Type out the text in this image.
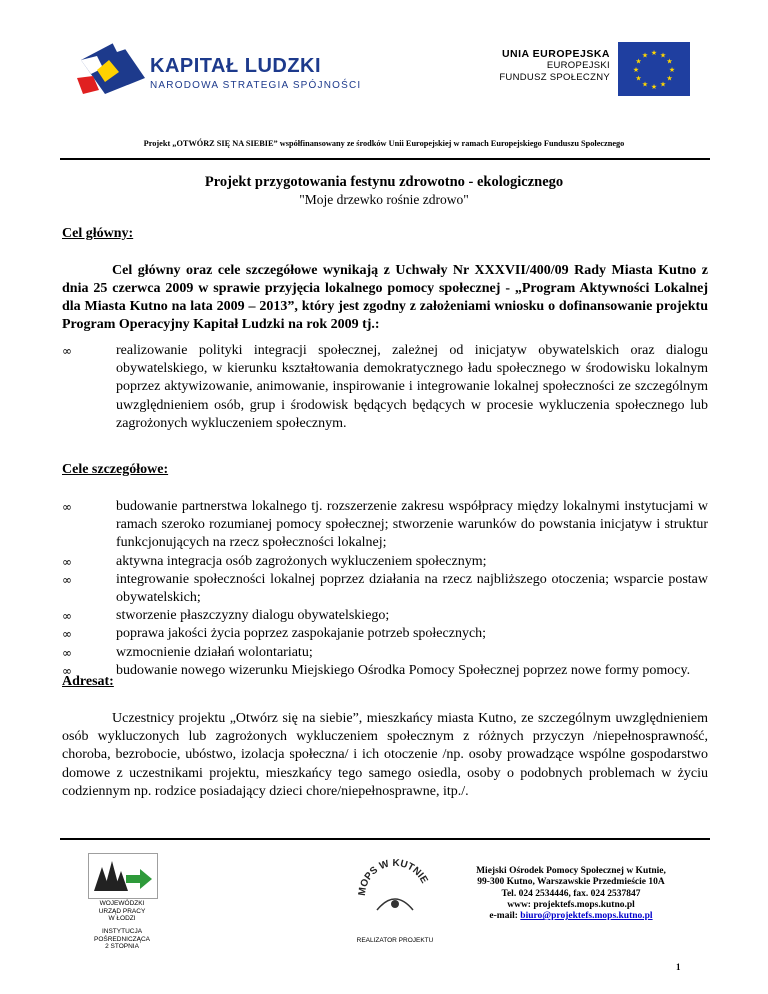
KAPITAŁ LUDZKI
NARODOWA STRATEGIA SPÓJNOŚCI
UNIA EUROPEJSKA
EUROPEJSKI
FUNDUSZ SPOŁECZNY
★ ★
★
★
★
★
★
★
★
★
★
★
Projekt „OTWÓRZ SIĘ NA SIEBIE” współfinansowany ze środków Unii Europejskiej w ramach Europejskiego Funduszu Społecznego
Projekt przygotowania festynu zdrowotno - ekologicznego
"Moje drzewko rośnie zdrowo"
Cel główny:
Cel główny oraz cele szczegółowe wynikają z Uchwały Nr XXXVII/400/09 Rady Miasta Kutno z dnia 25 czerwca 2009 w sprawie przyjęcia lokalnego pomocy społecznej - „Program Aktywności Lokalnej dla Miasta Kutno na lata 2009 – 2013”, który jest zgodny z założeniami wniosku o dofinansowanie projektu Program Operacyjny Kapitał Ludzki na rok 2009 tj.:
∞	realizowanie polityki integracji społecznej, zależnej od inicjatyw obywatelskich oraz dialogu obywatelskiego, w kierunku kształtowania demokratycznego ładu społecznego w środowisku lokalnym poprzez aktywizowanie, animowanie, inspirowanie i integrowanie lokalnej społeczności ze szczególnym uwzględnieniem osób, grup i środowisk będących będących w procesie wykluczenia społecznego lub zagrożonych wykluczeniem społecznym.
Cele szczegółowe:
∞	budowanie partnerstwa lokalnego tj. rozszerzenie zakresu współpracy między lokalnymi instytucjami w ramach szeroko rozumianej pomocy społecznej; stworzenie warunków do powstania inicjatyw i struktur funkcjonujących na rzecz społeczności lokalnej;
∞	aktywna integracja osób zagrożonych wykluczeniem społecznym;
∞	integrowanie społeczności lokalnej poprzez działania na rzecz najbliższego otoczenia; wsparcie postaw obywatelskich;
∞	stworzenie płaszczyzny dialogu obywatelskiego;
∞	poprawa jakości życia poprzez zaspokajanie potrzeb społecznych;
∞	wzmocnienie działań wolontariatu;
∞	budowanie nowego wizerunku Miejskiego Ośrodka Pomocy Społecznej poprzez nowe formy pomocy.
Adresat:
Uczestnicy projektu „Otwórz się na siebie”, mieszkańcy miasta Kutno, ze szczególnym uwzględnieniem osób wykluczonych lub zagrożonych wykluczeniem społecznym z różnych przyczyn /niepełnosprawność, choroba, bezrobocie, ubóstwo, izolacja społeczna/ i ich otoczenie /np. osoby prowadzące wspólne gospodarstwo domowe z uczestnikami projektu, mieszkańcy tego samego osiedla, osoby o podobnych problemach w życiu codziennym np. rodzice posiadający dzieci chore/niepełnosprawne, itp./.
WOJEWÓDZKI
URZĄD PRACY
W ŁODZI
INSTYTUCJA
POŚREDNICZĄCA
2 STOPNIA
MOPS W KUTNIE
REALIZATOR PROJEKTU
Miejski Ośrodek Pomocy Społecznej w Kutnie,
99-300 Kutno, Warszawskie Przedmieście 10A
Tel. 024 2534446, fax. 024 2537847
www: projektefs.mops.kutno.pl
e-mail: biuro@projektefs.mops.kutno.pl
1
